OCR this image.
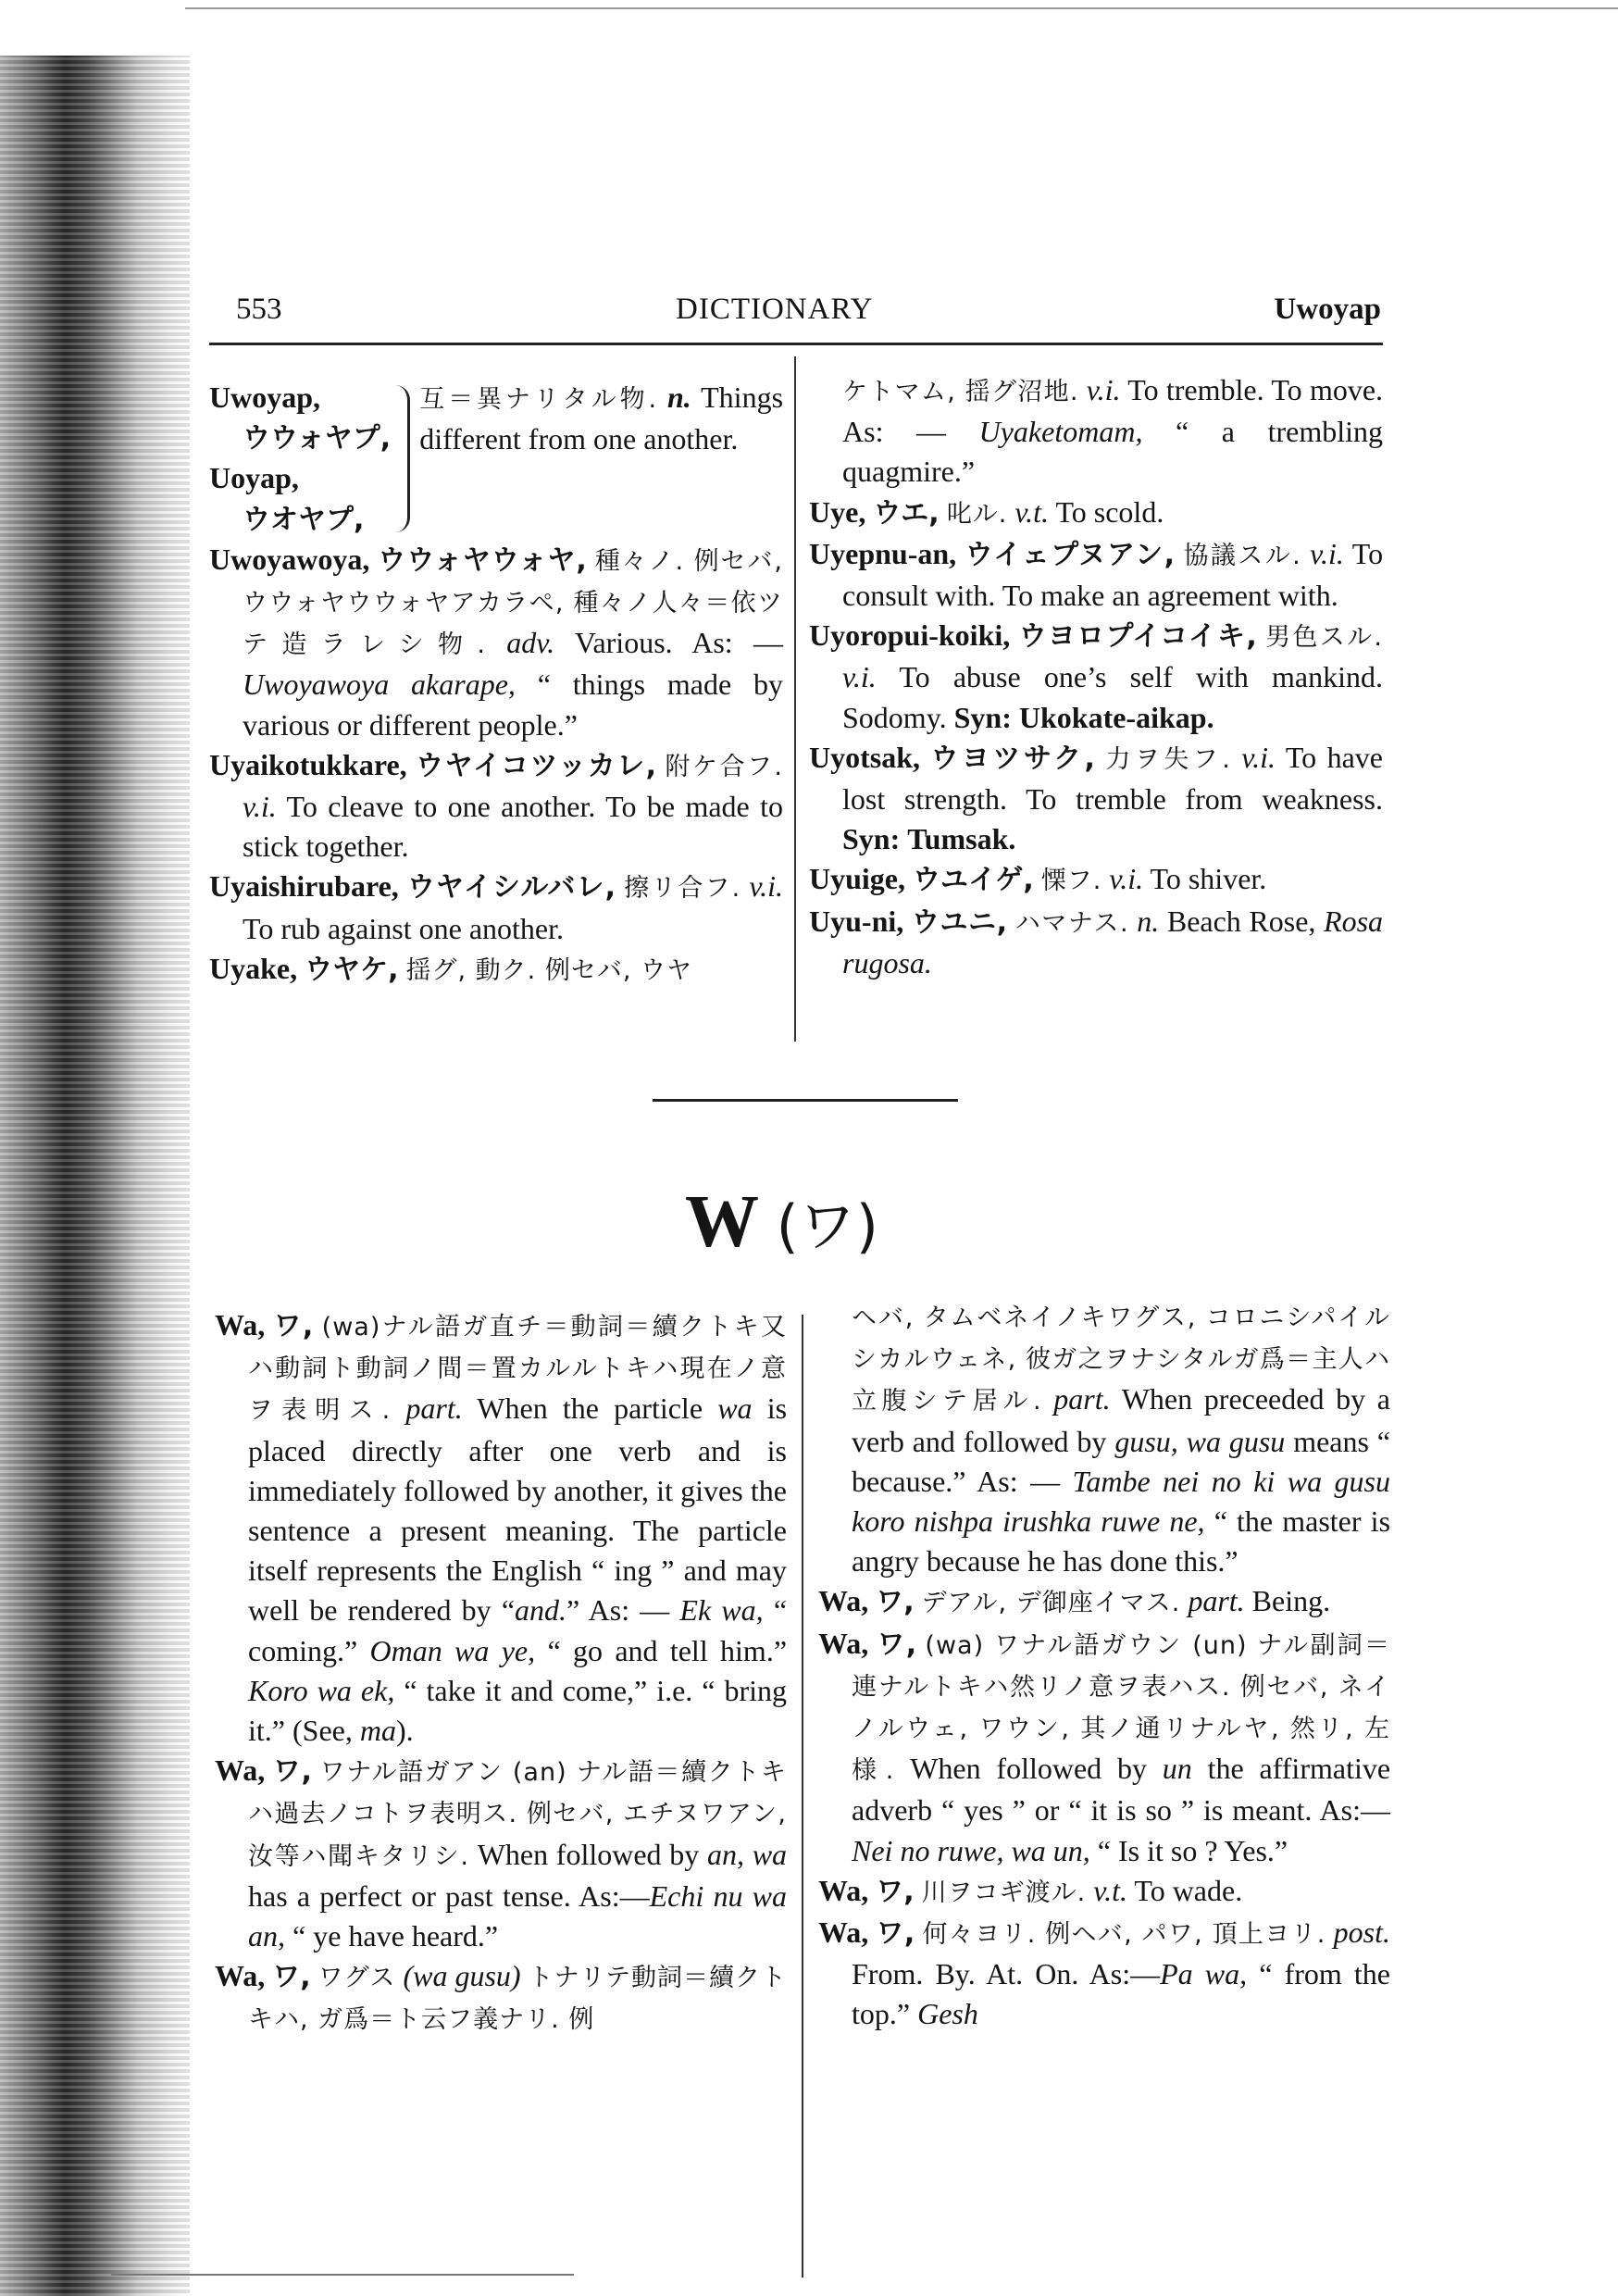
553	DICTIONARY	Uwoyap
Uwoyap,
ウウォヤプ,
Uoyap,
ウオヤプ,
互＝異ナリタル物. n. Things different from one another.

Uwoyawoya, ウウォヤウォヤ, 種々ノ. 例セバ, ウウォヤウウォヤアカラペ, 種々ノ人々＝依ツテ造ラレシ物. adv. Various. As: — Uwoyawoya akarape, “ things made by various or different people.”

Uyaikotukkare, ウヤイコツッカレ, 附ケ合フ. v.i. To cleave to one another. To be made to stick together.

Uyaishirubare, ウヤイシルバレ, 擦リ合フ. v.i. To rub against one another.

Uyake, ウヤケ, 揺グ, 動ク. 例セバ, ウヤ

ケトマム, 揺グ沼地. v.i. To tremble. To move. As: — Uyaketomam, “ a trembling quagmire.”

Uye, ウエ, 叱ル. v.t. To scold.

Uyepnu-an, ウイェプヌアン, 協議スル. v.i. To consult with. To make an agreement with.

Uyoropui-koiki, ウヨロプイコイキ, 男色スル. v.i. To abuse one’s self with mankind. Sodomy. Syn: Ukokate-aikap.

Uyotsak, ウヨツサク, 力ヲ失フ. v.i. To have lost strength. To tremble from weakness. Syn: Tumsak.

Uyuige, ウユイゲ, 慄フ. v.i. To shiver.

Uyu-ni, ウユニ, ハマナス. n. Beach Rose, Rosa rugosa.

W (ワ)

Wa, ワ, (wa)ナル語ガ直チ＝動詞＝續クトキ又ハ動詞ト動詞ノ間＝置カルルトキハ現在ノ意ヲ表明ス. part. When the particle wa is placed directly after one verb and is immediately followed by another, it gives the sentence a present meaning. The particle itself represents the English “ ing ” and may well be rendered by “and.” As: — Ek wa, “ coming.” Oman wa ye, “ go and tell him.” Koro wa ek, “ take it and come,” i.e. “ bring it.” (See, ma).

Wa, ワ, ワナル語ガアン (an) ナル語＝續クトキハ過去ノコトヲ表明ス. 例セバ, エチヌワアン, 汝等ハ聞キタリシ. When followed by an, wa has a perfect or past tense. As:—Echi nu wa an, “ ye have heard.”

Wa, ワ, ワグス (wa gusu) トナリテ動詞＝續クトキハ, ガ爲＝ト云フ義ナリ. 例

ヘバ, タムベネイノキワグス, コロニシパイルシカルウェネ, 彼ガ之ヲナシタルガ爲＝主人ハ立腹シテ居ル. part. When preceeded by a verb and followed by gusu, wa gusu means “ because.” As: — Tambe nei no ki wa gusu koro nishpa irushka ruwe ne, “ the master is angry because he has done this.”

Wa, ワ, デアル, デ御座イマス. part. Being.

Wa, ワ, (wa) ワナル語ガウン (un) ナル副詞＝連ナルトキハ然リノ意ヲ表ハス. 例セバ, ネイノルウェ, ワウン, 其ノ通リナルヤ, 然リ, 左様. When followed by un the affirmative adverb “ yes ” or “ it is so ” is meant. As:—Nei no ruwe, wa un, “ Is it so ? Yes.”

Wa, ワ, 川ヲコギ渡ル. v.t. To wade.

Wa, ワ, 何々ヨリ. 例ヘバ, パワ, 頂上ヨリ. post. From. By. At. On. As:—Pa wa, “ from the top.” Gesh
